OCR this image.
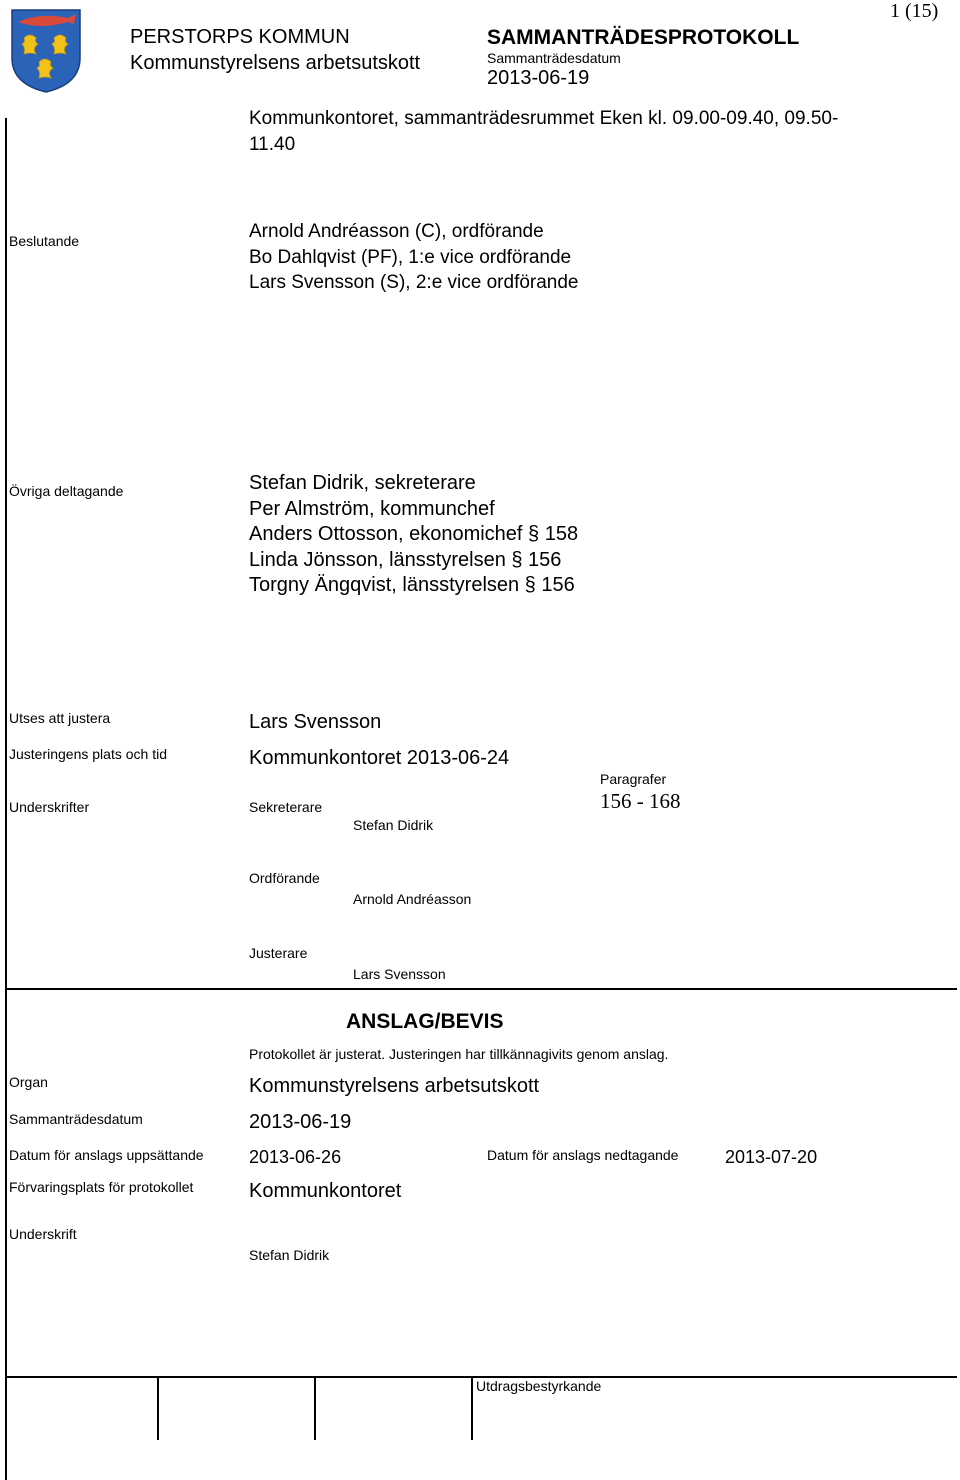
PERSTORPS KOMMUN
Kommunstyrelsens arbetsutskott
SAMMANTRÄDESPROTOKOLL
Sammanträdesdatum
2013-06-19
1 (15)
Kommunkontoret, sammanträdesrummet Eken kl. 09.00-09.40, 09.50-
11.40
Beslutande	Arnold Andréasson (C), ordförande
Bo Dahlqvist (PF), 1:e vice ordförande
Lars Svensson (S), 2:e vice ordförande
Övriga deltagande	Stefan Didrik, sekreterare
Per Almström, kommunchef
Anders Ottosson, ekonomichef § 158
Linda Jönsson, länsstyrelsen § 156
Torgny Ängqvist, länsstyrelsen § 156
Utses att justera	Lars Svensson
Justeringens plats och tid	Kommunkontoret 2013-06-24
Underskrifter
Paragrafer
156 - 168
Sekreterare
Stefan Didrik
Ordförande
Arnold Andréasson
Justerare
Lars Svensson
ANSLAG/BEVIS
Protokollet är justerat. Justeringen har tillkännagivits genom anslag.
Organ	Kommunstyrelsens arbetsutskott
Sammanträdesdatum	2013-06-19
Datum för anslags uppsättande	2013-06-26	Datum för anslags nedtagande	2013-07-20
Förvaringsplats för protokollet	Kommunkontoret
Underskrift
Stefan Didrik
Utdragsbestyrkande
